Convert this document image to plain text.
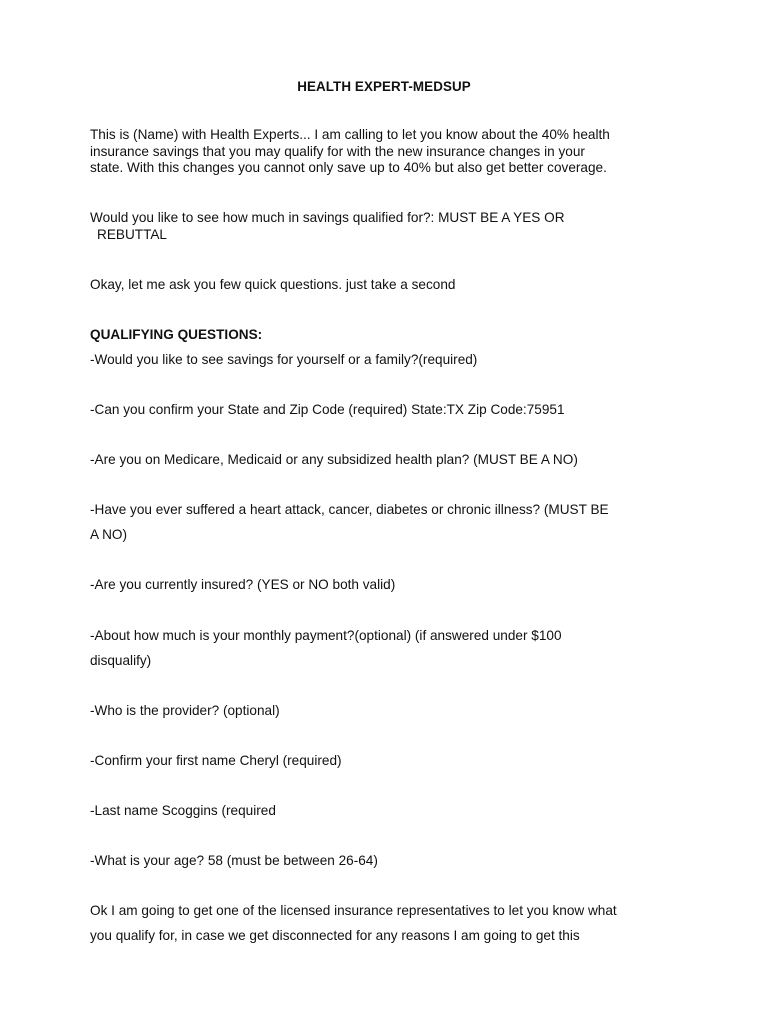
HEALTH EXPERT-MEDSUP
This is (Name) with Health Experts... I am calling to let you know about the 40% health
insurance savings that you may qualify for with the new insurance changes in your
state. With this changes you cannot only save up to 40% but also get better coverage.
Would you like to see how much in savings qualified for?: MUST BE A YES OR
REBUTTAL
Okay, let me ask you few quick questions. just take a second
QUALIFYING QUESTIONS:
-Would you like to see savings for yourself or a family?(required)
-Can you confirm your State and Zip Code (required) State:TX Zip Code:75951
-Are you on Medicare, Medicaid or any subsidized health plan? (MUST BE A NO)
-Have you ever suffered a heart attack, cancer, diabetes or chronic illness? (MUST BE
A NO)
-Are you currently insured? (YES or NO both valid)
-About how much is your monthly payment?(optional) (if answered under $100
disqualify)
-Who is the provider? (optional)
-Confirm your first name Cheryl (required)
-Last name Scoggins (required
-What is your age? 58 (must be between 26-64)
Ok I am going to get one of the licensed insurance representatives to let you know what
you qualify for, in case we get disconnected for any reasons I am going to get this
